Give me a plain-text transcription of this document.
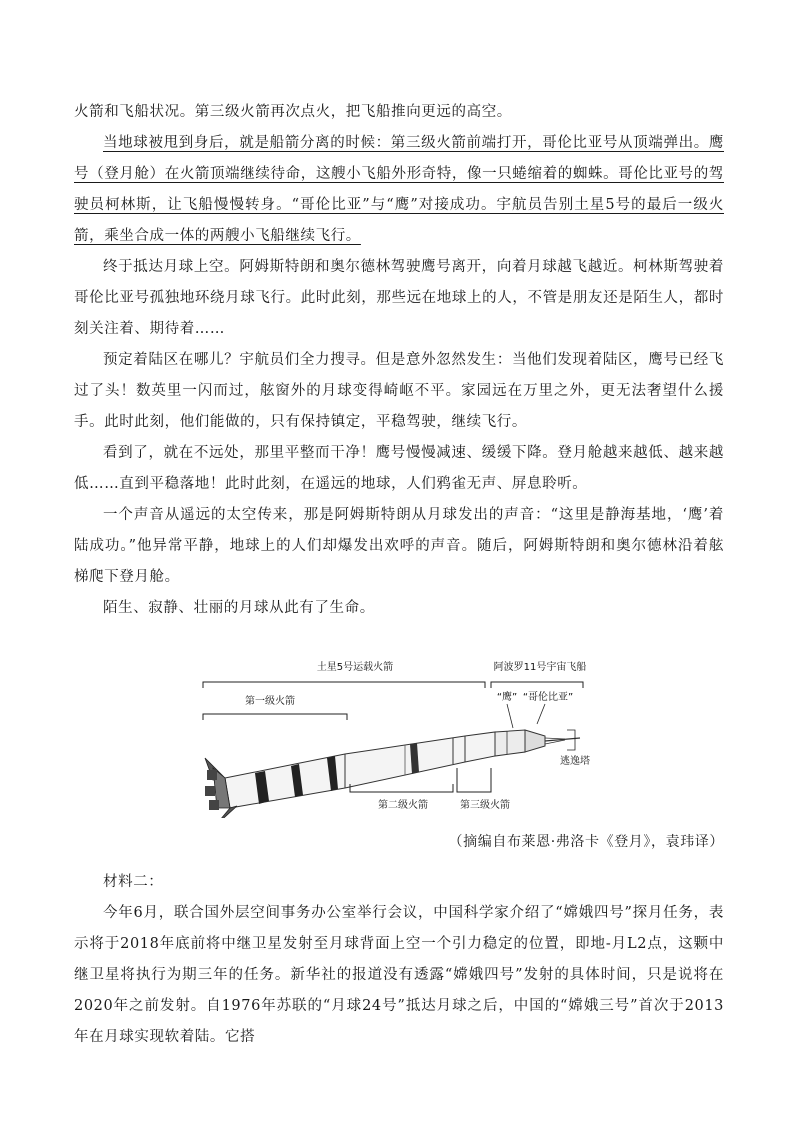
火箭和飞船状况。第三级火箭再次点火，把飞船推向更远的高空。

当地球被甩到身后，就是船箭分离的时候：第三级火箭前端打开，哥伦比亚号从顶端弹出。鹰号（登月舱）在火箭顶端继续待命，这艘小飞船外形奇特，像一只蜷缩着的蜘蛛。哥伦比亚号的驾驶员柯林斯，让飞船慢慢转身。“哥伦比亚”与“鹰”对接成功。宇航员告别土星5号的最后一级火箭，乘坐合成一体的两艘小飞船继续飞行。

终于抵达月球上空。阿姆斯特朗和奥尔德林驾驶鹰号离开，向着月球越飞越近。柯林斯驾驶着哥伦比亚号孤独地环绕月球飞行。此时此刻，那些远在地球上的人，不管是朋友还是陌生人，都时刻关注着、期待着……

预定着陆区在哪儿？宇航员们全力搜寻。但是意外忽然发生：当他们发现着陆区，鹰号已经飞过了头！数英里一闪而过，舷窗外的月球变得崎岖不平。家园远在万里之外，更无法奢望什么援手。此时此刻，他们能做的，只有保持镇定，平稳驾驶，继续飞行。

看到了，就在不远处，那里平整而干净！鹰号慢慢减速、缓缓下降。登月舱越来越低、越来越低……直到平稳落地！此时此刻，在遥远的地球，人们鸦雀无声、屏息聆听。

一个声音从遥远的太空传来，那是阿姆斯特朗从月球发出的声音：“这里是静海基地，‘鹰’着陆成功。”他异常平静，地球上的人们却爆发出欢呼的声音。随后，阿姆斯特朗和奥尔德林沿着舷梯爬下登月舱。

陌生、寂静、壮丽的月球从此有了生命。

土星5号运载火箭	阿波罗11号宇宙飞船
第一级火箭	“鹰” “哥伦比亚”
逃逸塔
第二级火箭	第三级火箭

（摘编自布莱恩·弗洛卡《登月》，袁玮译）

材料二：

今年6月，联合国外层空间事务办公室举行会议，中国科学家介绍了“嫦娥四号”探月任务，表示将于2018年底前将中继卫星发射至月球背面上空一个引力稳定的位置，即地-月L2点，这颗中继卫星将执行为期三年的任务。新华社的报道没有透露“嫦娥四号”发射的具体时间，只是说将在2020年之前发射。自1976年苏联的“月球24号”抵达月球之后，中国的“嫦娥三号”首次于2013年在月球实现软着陆。它搭
